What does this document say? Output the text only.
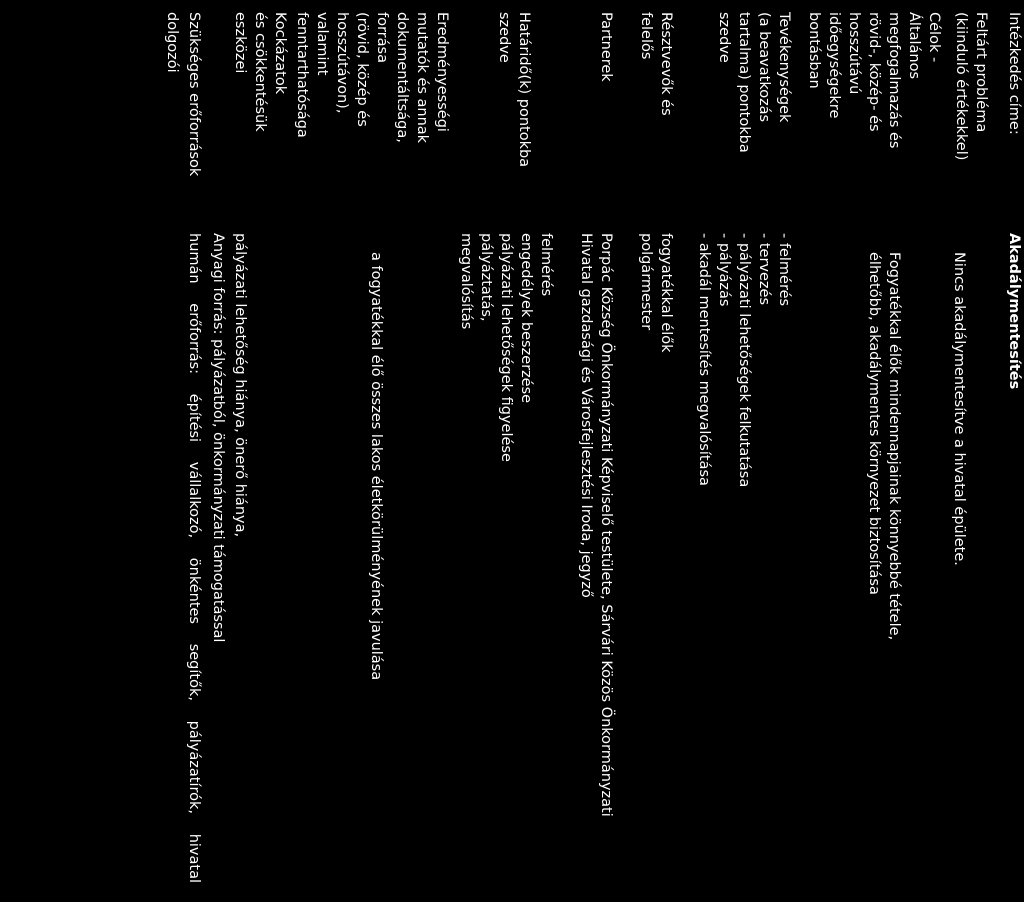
Intézkedés címe:
Akadálymentesítés
Feltárt probléma
(kiinduló értékekkel)
Nincs akadálymentesítve a hivatal épülete.
Célok -
Általános
megfogalmazás és
rövid-, közép- és
hosszútávú
időegységekre
bontásban
Fogyatékkal élők mindennapjainak könnyebbé tétele,
élhetőbb, akadálymentes környezet biztosítása
Tevékenységek
(a beavatkozás
tartalma) pontokba
szedve
- felmérés
- tervezés
- pályázati lehetőségek felkutatása
- pályázás
- akadál mentesítés megvalósítása
Résztvevők és
felelős
fogyatékkal élők
polgármester
Partnerek
Porpác Község Önkormányzati Képviselő testülete, Sárvári Közös Önkormányzati
Hivatal gazdasági és Városfejlesztési Iroda, jegyző
Határidő(k) pontokba
szedve
felmérés
engedélyek beszerzése
pályázati lehetőségek figyelése
pályáztatás,
megvalósítás
Eredményességi
mutatók és annak
dokumentáltsága,
forrása
(rövid, közép és
hosszútávon),
valamint
fenntarthatósága
a fogyatékkal élő összes lakos életkörülményének javulása
Kockázatok
és csökkentésük
eszközei
pályázati lehetőség hiánya, önerő hiánya,
Szükséges erőforrások
Anyagi forrás: pályázatból, önkormányzati támogatással
humán erőforrás: építési vállalkozó, önkéntes segítők, pályázatírók, hivatal
dolgozói
